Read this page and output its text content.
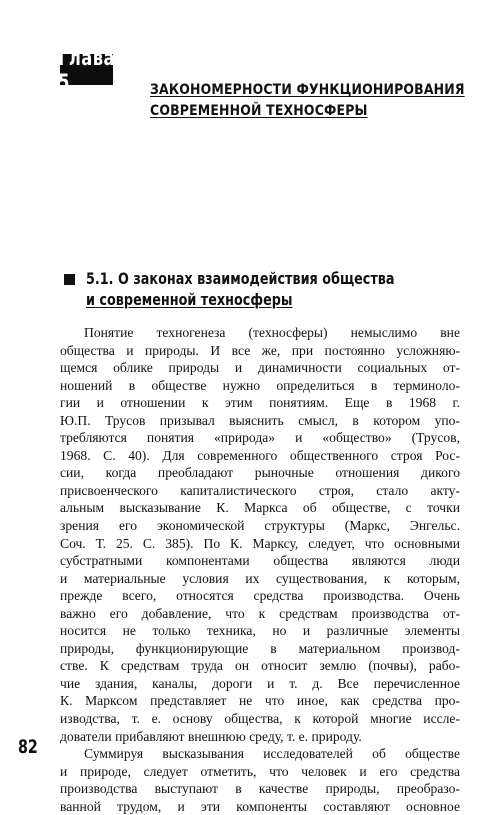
Глава 5	ЗАКОНОМЕРНОСТИ ФУНКЦИОНИРОВАНИЯ
СОВРЕМЕННОЙ ТЕХНОСФЕРЫ
5.1. О законах взаимодействия общества
и современной техносферы
Понятие техногенеза (техносферы) немыслимо вне
общества и природы. И все же, при постоянно усложняю-
щемся облике природы и динамичности социальных от-
ношений в обществе нужно определиться в терминоло-
гии и отношении к этим понятиям. Еще в 1968 г.
Ю.П. Трусов призывал выяснить смысл, в котором упо-
требляются понятия «природа» и «общество» (Трусов,
1968. С. 40). Для современного общественного строя Рос-
сии, когда преобладают рыночные отношения дикого
присвоенческого капиталистического строя, стало акту-
альным высказывание К. Маркса об обществе, с точки
зрения его экономической структуры (Маркс, Энгельс.
Соч. Т. 25. С. 385). По К. Марксу, следует, что основными
субстратными компонентами общества являются люди
и материальные условия их существования, к которым,
прежде всего, относятся средства производства. Очень
важно его добавление, что к средствам производства от-
носится не только техника, но и различные элементы
природы, функционирующие в материальном производ-
стве. К средствам труда он относит землю (почвы), рабо-
чие здания, каналы, дороги и т. д. Все перечисленное
К. Марксом представляет не что иное, как средства про-
изводства, т. е. основу общества, к которой многие иссле-
дователи прибавляют внешнюю среду, т. е. природу.
Суммируя высказывания исследователей об обществе
и природе, следует отметить, что человек и его средства
производства выступают в качестве природы, преобразо-
ванной трудом, и эти компоненты составляют основное
82
